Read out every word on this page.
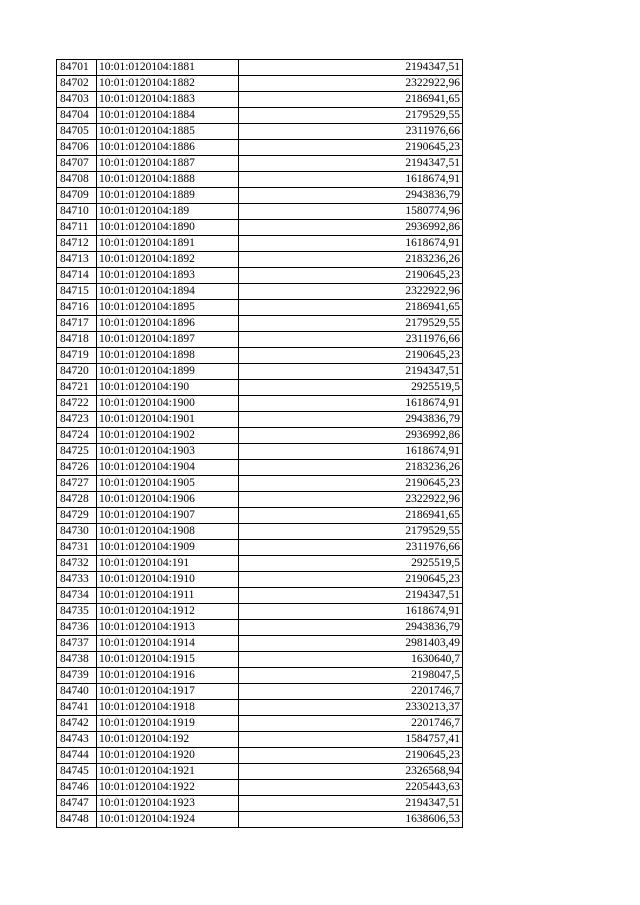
84701	10:01:0120104:1881	2194347,51
84702	10:01:0120104:1882	2322922,96
84703	10:01:0120104:1883	2186941,65
84704	10:01:0120104:1884	2179529,55
84705	10:01:0120104:1885	2311976,66
84706	10:01:0120104:1886	2190645,23
84707	10:01:0120104:1887	2194347,51
84708	10:01:0120104:1888	1618674,91
84709	10:01:0120104:1889	2943836,79
84710	10:01:0120104:189	1580774,96
84711	10:01:0120104:1890	2936992,86
84712	10:01:0120104:1891	1618674,91
84713	10:01:0120104:1892	2183236,26
84714	10:01:0120104:1893	2190645,23
84715	10:01:0120104:1894	2322922,96
84716	10:01:0120104:1895	2186941,65
84717	10:01:0120104:1896	2179529,55
84718	10:01:0120104:1897	2311976,66
84719	10:01:0120104:1898	2190645,23
84720	10:01:0120104:1899	2194347,51
84721	10:01:0120104:190	2925519,5
84722	10:01:0120104:1900	1618674,91
84723	10:01:0120104:1901	2943836,79
84724	10:01:0120104:1902	2936992,86
84725	10:01:0120104:1903	1618674,91
84726	10:01:0120104:1904	2183236,26
84727	10:01:0120104:1905	2190645,23
84728	10:01:0120104:1906	2322922,96
84729	10:01:0120104:1907	2186941,65
84730	10:01:0120104:1908	2179529,55
84731	10:01:0120104:1909	2311976,66
84732	10:01:0120104:191	2925519,5
84733	10:01:0120104:1910	2190645,23
84734	10:01:0120104:1911	2194347,51
84735	10:01:0120104:1912	1618674,91
84736	10:01:0120104:1913	2943836,79
84737	10:01:0120104:1914	2981403,49
84738	10:01:0120104:1915	1630640,7
84739	10:01:0120104:1916	2198047,5
84740	10:01:0120104:1917	2201746,7
84741	10:01:0120104:1918	2330213,37
84742	10:01:0120104:1919	2201746,7
84743	10:01:0120104:192	1584757,41
84744	10:01:0120104:1920	2190645,23
84745	10:01:0120104:1921	2326568,94
84746	10:01:0120104:1922	2205443,63
84747	10:01:0120104:1923	2194347,51
84748	10:01:0120104:1924	1638606,53
